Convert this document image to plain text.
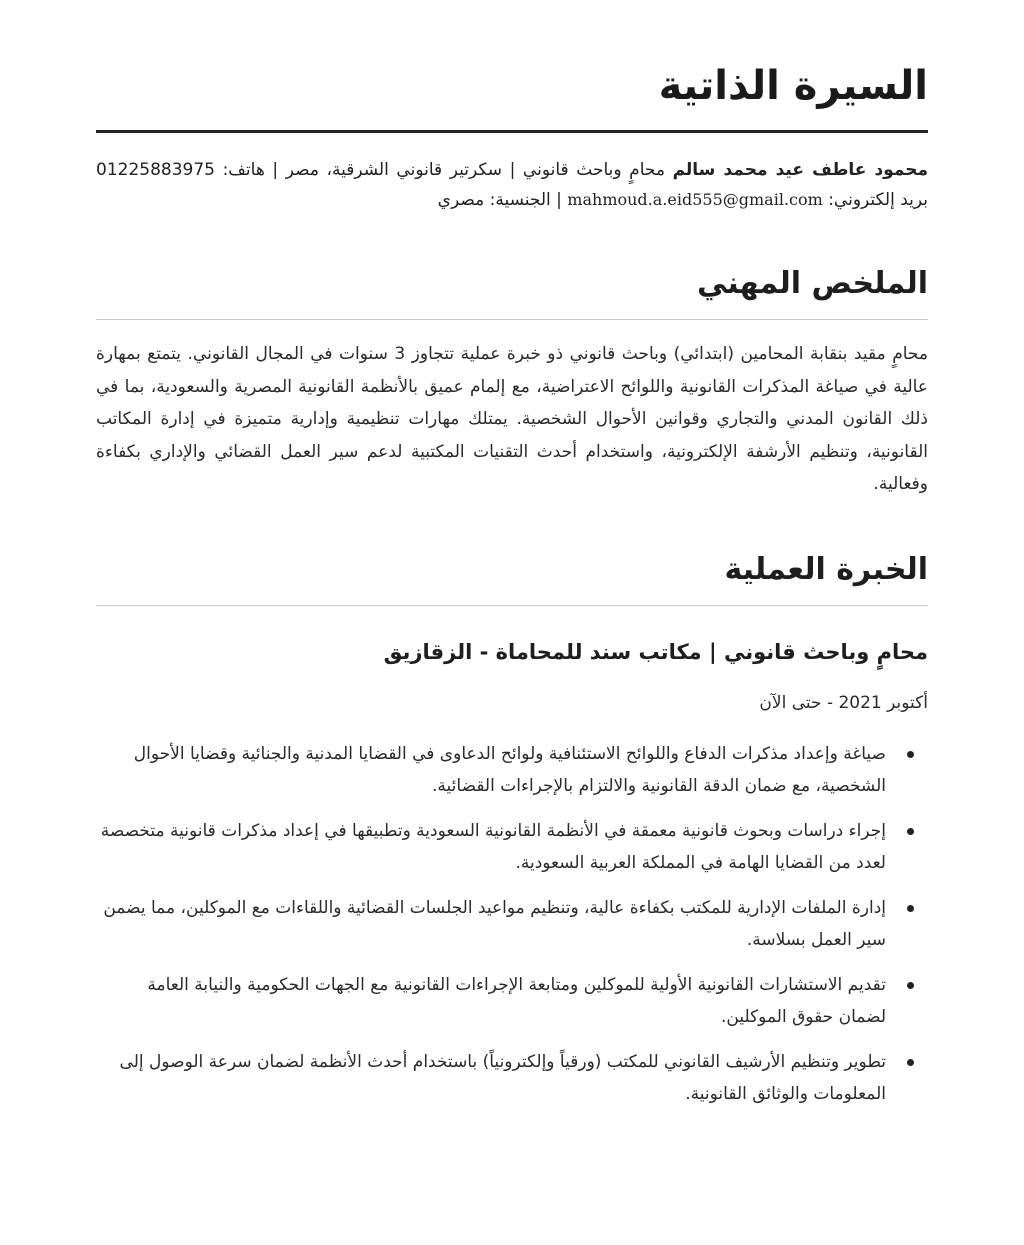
السيرة الذاتية

محمود عاطف عيد محمد سالم محامٍ وباحث قانوني | سكرتير قانوني الشرقية، مصر | هاتف: 01225883975 بريد إلكتروني: mahmoud.a.eid555@gmail.com | الجنسية: مصري

الملخص المهني

محامٍ مقيد بنقابة المحامين (ابتدائي) وباحث قانوني ذو خبرة عملية تتجاوز 3 سنوات في المجال القانوني. يتمتع بمهارة عالية في صياغة المذكرات القانونية واللوائح الاعتراضية، مع إلمام عميق بالأنظمة القانونية المصرية والسعودية، بما في ذلك القانون المدني والتجاري وقوانين الأحوال الشخصية. يمتلك مهارات تنظيمية وإدارية متميزة في إدارة المكاتب القانونية، وتنظيم الأرشفة الإلكترونية، واستخدام أحدث التقنيات المكتبية لدعم سير العمل القضائي والإداري بكفاءة وفعالية.

الخبرة العملية
محامٍ وباحث قانوني | مكاتب سند للمحاماة - الزقازيق

أكتوبر 2021 - حتى الآن

صياغة وإعداد مذكرات الدفاع واللوائح الاستئنافية ولوائح الدعاوى في القضايا المدنية والجنائية وقضايا الأحوال الشخصية، مع ضمان الدقة القانونية والالتزام بالإجراءات القضائية.
إجراء دراسات وبحوث قانونية معمقة في الأنظمة القانونية السعودية وتطبيقها في إعداد مذكرات قانونية متخصصة لعدد من القضايا الهامة في المملكة العربية السعودية.
إدارة الملفات الإدارية للمكتب بكفاءة عالية، وتنظيم مواعيد الجلسات القضائية واللقاءات مع الموكلين، مما يضمن سير العمل بسلاسة.
تقديم الاستشارات القانونية الأولية للموكلين ومتابعة الإجراءات القانونية مع الجهات الحكومية والنيابة العامة لضمان حقوق الموكلين.
تطوير وتنظيم الأرشيف القانوني للمكتب (ورقياً وإلكترونياً) باستخدام أحدث الأنظمة لضمان سرعة الوصول إلى المعلومات والوثائق القانونية.
